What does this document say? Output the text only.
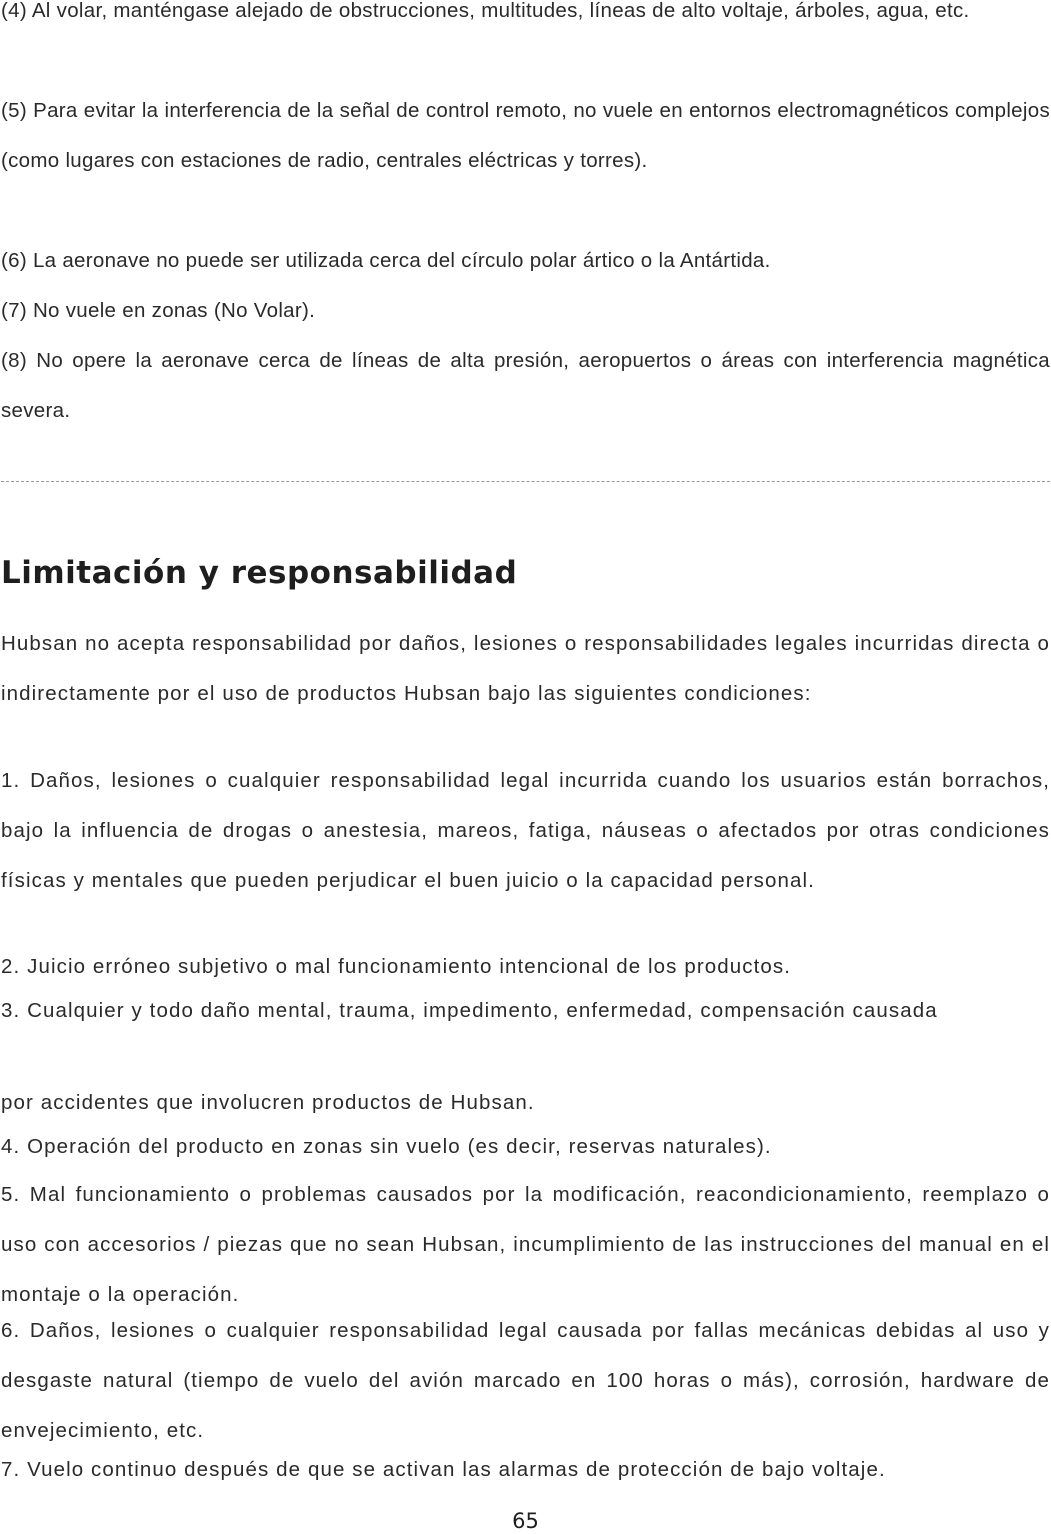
(4) Al volar, manténgase alejado de obstrucciones, multitudes, líneas de alto voltaje, árboles, agua, etc.

(5) Para evitar la interferencia de la señal de control remoto, no vuele en entornos electromagnéticos complejos (como lugares con estaciones de radio, centrales eléctricas y torres).

(6) La aeronave no puede ser utilizada cerca del círculo polar ártico o la Antártida.

(7) No vuele en zonas (No Volar).

(8) No opere la aeronave cerca de líneas de alta presión, aeropuertos o áreas con interferencia magnética severa.

Limitación y responsabilidad

Hubsan no acepta responsabilidad por daños, lesiones o responsabilidades legales incurridas directa o indirectamente por el uso de productos Hubsan bajo las siguientes condiciones:

1. Daños, lesiones o cualquier responsabilidad legal incurrida cuando los usuarios están borrachos, bajo la influencia de drogas o anestesia, mareos, fatiga, náuseas o afectados por otras condiciones físicas y mentales que pueden perjudicar el buen juicio o la capacidad personal.

2. Juicio erróneo subjetivo o mal funcionamiento intencional de los productos.

3. Cualquier y todo daño mental, trauma, impedimento, enfermedad, compensación causada

por accidentes que involucren productos de Hubsan.

4. Operación del producto en zonas sin vuelo (es decir, reservas naturales).

5. Mal funcionamiento o problemas causados por la modificación, reacondicionamiento, reemplazo o uso con accesorios / piezas que no sean Hubsan, incumplimiento de las instrucciones del manual en el montaje o la operación.

6. Daños, lesiones o cualquier responsabilidad legal causada por fallas mecánicas debidas al uso y desgaste natural (tiempo de vuelo del avión marcado en 100 horas o más), corrosión, hardware de envejecimiento, etc.

7. Vuelo continuo después de que se activan las alarmas de protección de bajo voltaje.

65
